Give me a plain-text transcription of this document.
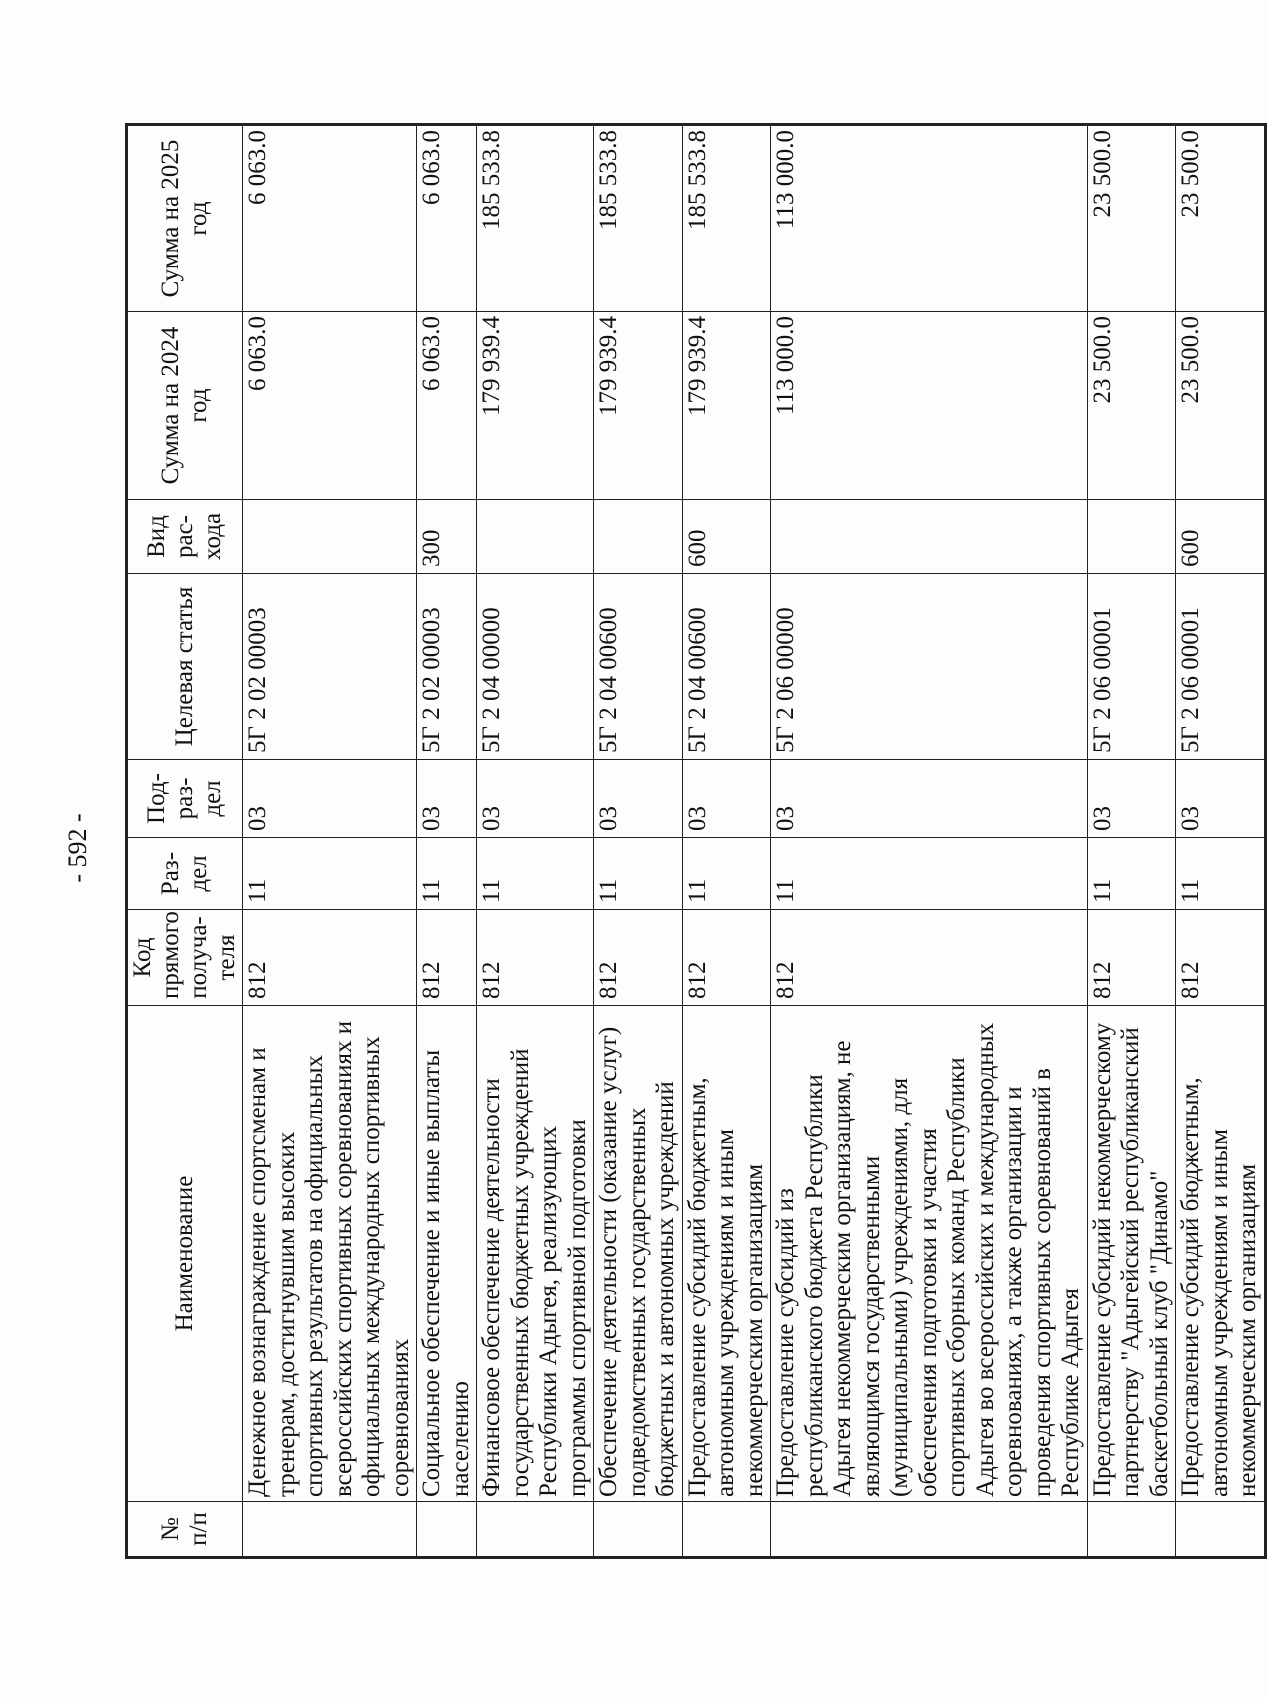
- 592 -
№ п/п	Наименование	Код прямого получа-теля	Раз-дел	Под-раз-дел	Целевая статья	Вид рас-хода	Сумма на 2024 год	Сумма на 2025 год
	Денежное вознаграждение спортсменам и тренерам, достигнувшим высоких спортивных результатов на официальных всероссийских спортивных соревнованиях и официальных международных спортивных соревнованиях	812	11	03	5Г 2 02 00003		6 063.0	6 063.0
	Социальное обеспечение и иные выплаты населению	812	11	03	5Г 2 02 00003	300	6 063.0	6 063.0
	Финансовое обеспечение деятельности государственных бюджетных учреждений Республики Адыгея, реализующих программы спортивной подготовки	812	11	03	5Г 2 04 00000		179 939.4	185 533.8
	Обеспечение деятельности (оказание услуг) подведомственных государственных бюджетных и автономных учреждений	812	11	03	5Г 2 04 00600		179 939.4	185 533.8
	Предоставление субсидий бюджетным, автономным учреждениям и иным некоммерческим организациям	812	11	03	5Г 2 04 00600	600	179 939.4	185 533.8
	Предоставление субсидий из республиканского бюджета Республики Адыгея некоммерческим организациям, не являющимся государственными (муниципальными) учреждениями, для обеспечения подготовки и участия спортивных сборных команд Республики Адыгея во всероссийских и международных соревнованиях, а также организации и проведения спортивных соревнований в Республике Адыгея	812	11	03	5Г 2 06 00000		113 000.0	113 000.0
	Предоставление субсидий некоммерческому партнерству "Адыгейский республиканский баскетбольный клуб "Динамо"	812	11	03	5Г 2 06 00001		23 500.0	23 500.0
	Предоставление субсидий бюджетным, автономным учреждениям и иным некоммерческим организациям	812	11	03	5Г 2 06 00001	600	23 500.0	23 500.0
